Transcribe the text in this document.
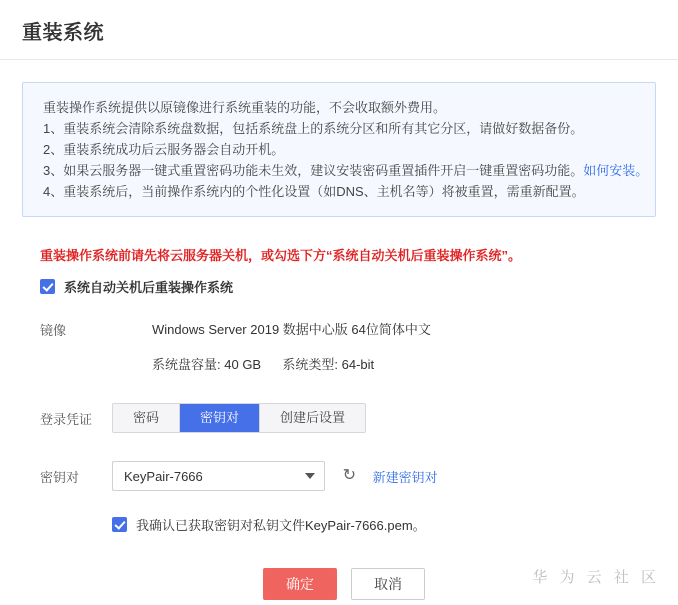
重装系统
重装操作系统提供以原镜像进行系统重装的功能，不会收取额外费用。
1、重装系统会清除系统盘数据，包括系统盘上的系统分区和所有其它分区，请做好数据备份。
2、重装系统成功后云服务器会自动开机。
3、如果云服务器一键式重置密码功能未生效，建议安装密码重置插件开启一键重置密码功能。如何安装。
4、重装系统后，当前操作系统内的个性化设置（如DNS、主机名等）将被重置，需重新配置。
重装操作系统前请先将云服务器关机，或勾选下方“系统自动关机后重装操作系统”。
系统自动关机后重装操作系统
镜像	Windows Server 2019 数据中心版 64位简体中文
系统盘容量: 40 GB 系统类型: 64-bit
登录凭证	密码	密钥对	创建后设置
密钥对	KeyPair-7666	↻ 新建密钥对
我确认已获取密钥对私钥文件KeyPair-7666.pem。
确定	取消	华 为 云 社 区
